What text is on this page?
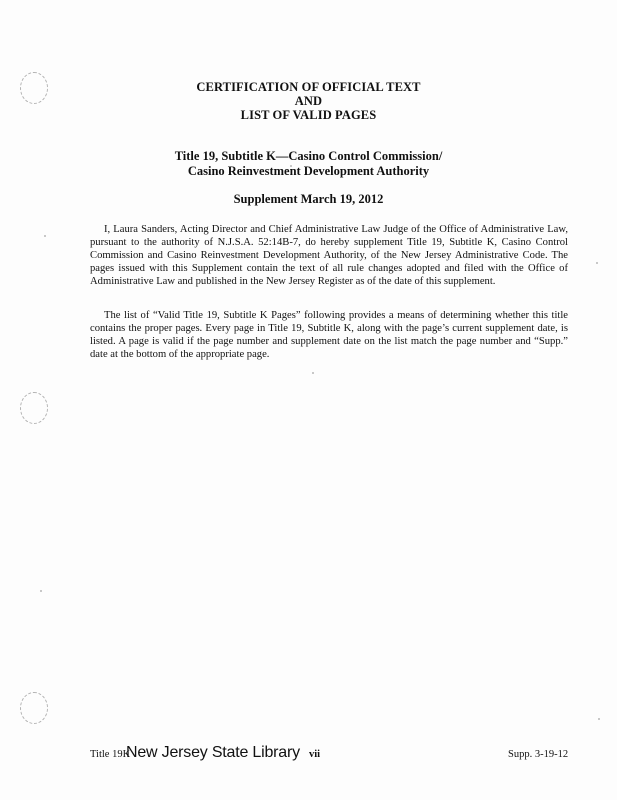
CERTIFICATION OF OFFICIAL TEXT
AND
LIST OF VALID PAGES
Title 19, Subtitle K—Casino Control Commission/
Casino Reinvestment Development Authority
Supplement March 19, 2012

I, Laura Sanders, Acting Director and Chief Administrative Law Judge of the Office of Administrative Law, pursuant to the authority of N.J.S.A. 52:14B-7, do hereby supplement Title 19, Subtitle K, Casino Control Commission and Casino Reinvestment Development Authority, of the New Jersey Administrative Code. The pages issued with this Supplement contain the text of all rule changes adopted and filed with the Office of Administrative Law and published in the New Jersey Register as of the date of this supplement.

The list of “Valid Title 19, Subtitle K Pages” following provides a means of determining whether this title contains the proper pages. Every page in Title 19, Subtitle K, along with the page’s current supplement date, is listed. A page is valid if the page number and supplement date on the list match the page number and “Supp.” date at the bottom of the appropriate page.

Title 19K
New Jersey State Library vii	Supp. 3-19-12
